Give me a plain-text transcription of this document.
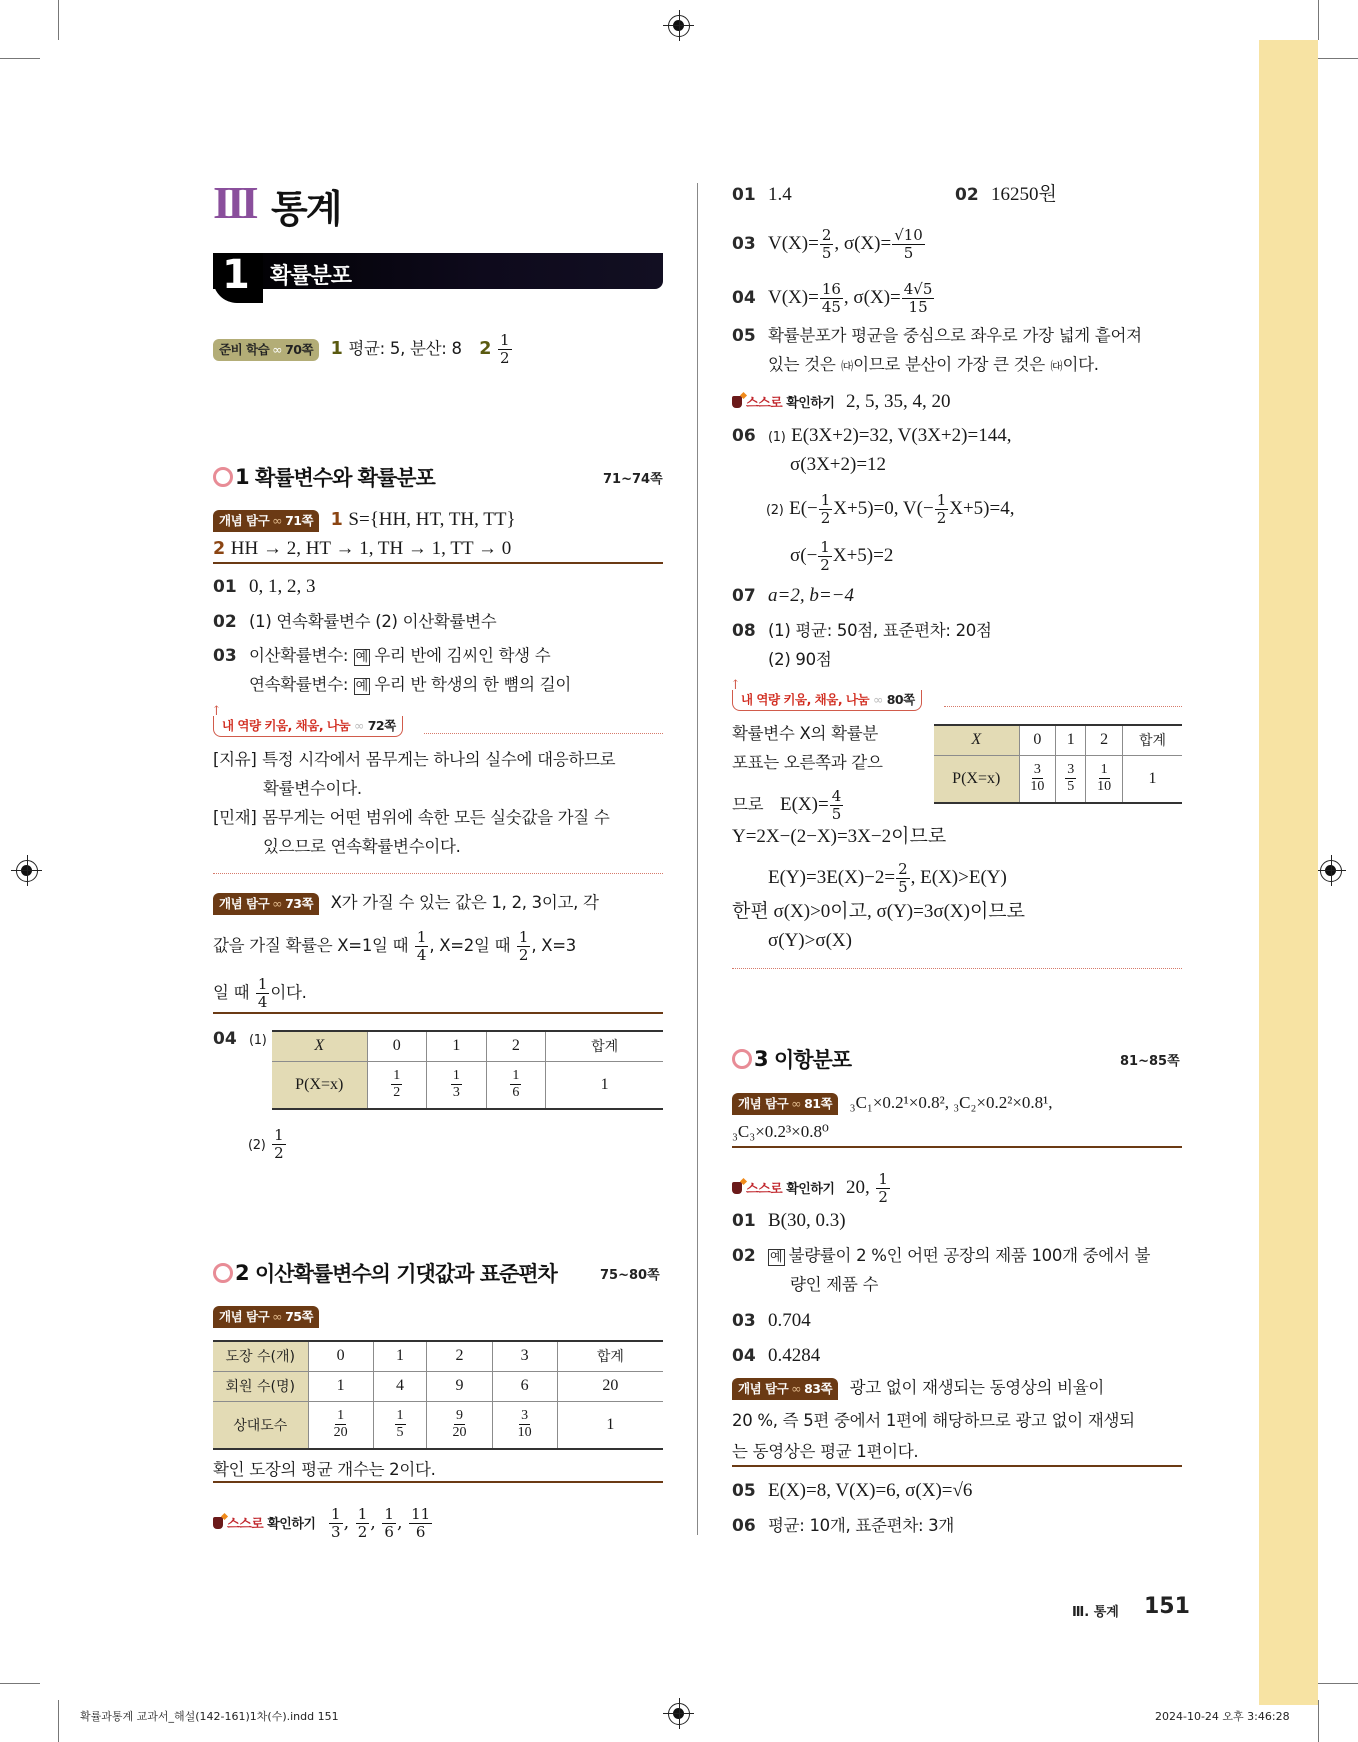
III 통계
1 확률분포
준비 학습 ∞ 70쪽 1 평균: 5, 분산: 8 $2 \frac{1}{2}$
1
확률변수와 확률분포	71~74쪽
개념 탐구 ∞ 71쪽 1 S={HH, HT, TH, TT}
2 HH → 2, HT → 1, TH → 1, TT → 0
01 0, 1, 2, 3
02 (1) 연속확률변수 (2) 이산확률변수
03 이산확률변수: 예 우리 반에 김씨인 학생 수
연속확률변수: 예 우리 반 학생의 한 뼘의 길이
↑
내 역량 키움, 채움, 나눔 ∞ 72쪽
[지유] 특정 시각에서 몸무게는 하나의 실수에 대응하므로
확률변수이다.
[민재] 몸무게는 어떤 범위에 속한 모든 실숫값을 가질 수
있으므로 연속확률변수이다.
개념 탐구 ∞ 73쪽 X가 가질 수 있는 값은 1, 2, 3이고, 각
값을 가질 확률은 X=1일 때 $\frac{1}{4}$ , X=2일 때 $\frac{1}{2}$ , X=3
일 때 $\frac{1}{4}$ 이다.
04 (1)	X	0	1	2	합계
P(X=x)	$\frac{1}{2}$	$\frac{1}{3}$	$\frac{1}{6}$	1
$(2) \frac{1}{2}$
2
이산확률변수의 기댓값과 표준편차	75~80쪽
개념 탐구 ∞ 75쪽
도장 수(개)	0	1	2	3	합계
회원 수(명)	1	4	9	6	20
상대도수	$\frac{1}{20}$	$\frac{1}{5}$	$\frac{9}{20}$	$\frac{3}{10}$	1
확인 도장의 평균 개수는 2이다.
스스로 확인하기 $\frac{1}{3}$ , $\frac{1}{2}$ , $\frac{1}{6}$ , $\frac{11}{6}$
01 1.4	02 16250원
03 $V(X)= \frac{2}{5}$ , $\sigma(X)= \frac{√10}{5}$
04 $V(X)= \frac{16}{45}$ , $\sigma(X)= \frac{4√5}{15}$
05 확률분포가 평균을 중심으로 좌우로 가장 넓게 흩어져
있는 것은 ㈐이므로 분산이 가장 큰 것은 ㈐이다.
스스로 확인하기 2, 5, 35, 4, 20
06 (1) E(3X+2)=32, V(3X+2)=144,
σ(3X+2)=12
(2) $E(- \frac{1}{2} X+5)=0$, $V(- \frac{1}{2} X+5)=4$,
$\sigma(- \frac{1}{2} X+5)=2$
07 a=2, b=−4
08 (1) 평균: 50점, 표준편차: 20점
(2) 90점
↑
내 역량 키움, 채움, 나눔 ∞ 80쪽
확률변수 X의 확률분
포표는 오른쪽과 같으
므로 $E(X)= \frac{4}{5}$
X	0	1	2	합계
P(X=x)	$\frac{3}{10}$	$\frac{3}{5}$	$\frac{1}{10}$	1
Y=2X−(2−X)=3X−2이므로
$E(Y)=3E(X)-2= \frac{2}{5}$ , E(X)>E(Y)
한편 σ(X)>0이고, σ(Y)=3σ(X)이므로
σ(Y)>σ(X)
3
이항분포	81~85쪽
개념 탐구 ∞ 81쪽 ₃C₁×0.2¹×0.8², ₃C₂×0.2²×0.8¹,
₃C₃×0.2³×0.8⁰
스스로 확인하기 20, $\frac{1}{2}$
01 B(30, 0.3)
02 예 불량률이 2 %인 어떤 공장의 제품 100개 중에서 불
량인 제품 수
03 0.704
04 0.4284
개념 탐구 ∞ 83쪽 광고 없이 재생되는 동영상의 비율이
20 %, 즉 5편 중에서 1편에 해당하므로 광고 없이 재생되
는 동영상은 평균 1편이다.
05 E(X)=8, V(X)=6, σ(X)=√6
06 평균: 10개, 표준편차: 3개
Ⅲ. 통계 151
확률과통계 교과서_해설(142-161)1차(수).indd 151	2024-10-24 오후 3:46:28
